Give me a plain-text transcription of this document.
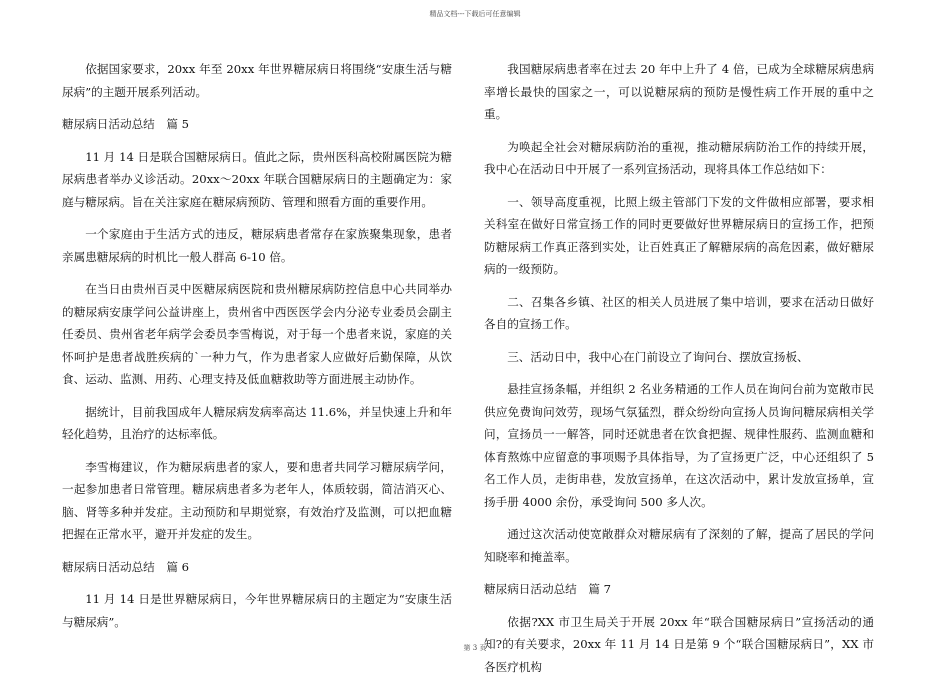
精品文档---下载后可任意编辑

依据国家要求，20xx 年至 20xx 年世界糖尿病日将围绕“安康生活与糖尿病”的主题开展系列活动。

糖尿病日活动总结　篇 5

11 月 14 日是联合国糖尿病日。值此之际，贵州医科高校附属医院为糖尿病患者举办义诊活动。20xx～20xx 年联合国糖尿病日的主题确定为：家庭与糖尿病。旨在关注家庭在糖尿病预防、管理和照看方面的重要作用。

一个家庭由于生活方式的违反，糖尿病患者常存在家族聚集现象，患者亲属患糖尿病的时机比一般人群高 6-10 倍。

在当日由贵州百灵中医糖尿病医院和贵州糖尿病防控信息中心共同举办的糖尿病安康学问公益讲座上，贵州省中西医医学会内分泌专业委员会副主任委员、贵州省老年病学会委员李雪梅说，对于每一个患者来说，家庭的关怀呵护是患者战胜疾病的`一种力气，作为患者家人应做好后勤保障，从饮食、运动、监测、用药、心理支持及低血糖救助等方面进展主动协作。

据统计，目前我国成年人糖尿病发病率高达 11.6%，并呈快速上升和年轻化趋势，且治疗的达标率低。

李雪梅建议，作为糖尿病患者的家人，要和患者共同学习糖尿病学问，一起参加患者日常管理。糖尿病患者多为老年人，体质较弱，简洁消灭心、脑、肾等多种并发症。主动预防和早期觉察，有效治疗及监测，可以把血糖把握在正常水平，避开并发症的发生。

糖尿病日活动总结　篇 6

11 月 14 日是世界糖尿病日，今年世界糖尿病日的主题定为“安康生活与糖尿病”。

我国糖尿病患者率在过去 20 年中上升了 4 倍，已成为全球糖尿病患病率增长最快的国家之一，可以说糖尿病的预防是慢性病工作开展的重中之重。

为唤起全社会对糖尿病防治的重视，推动糖尿病防治工作的持续开展，我中心在活动日中开展了一系列宣扬活动，现将具体工作总结如下：

一、领导高度重视，比照上级主管部门下发的文件做相应部署，要求相关科室在做好日常宣扬工作的同时更要做好世界糖尿病日的宣扬工作，把预防糖尿病工作真正落到实处，让百姓真正了解糖尿病的高危因素，做好糖尿病的一级预防。

二、召集各乡镇、社区的相关人员进展了集中培训，要求在活动日做好各自的宣扬工作。

三、活动日中，我中心在门前设立了询问台、摆放宣扬板、

悬挂宣扬条幅，并组织 2 名业务精通的工作人员在询问台前为宽敞市民供应免费询问效劳，现场气氛猛烈，群众纷纷向宣扬人员询问糖尿病相关学问，宣扬员一一解答，同时还就患者在饮食把握、规律性服药、监测血糖和体育熬炼中应留意的事项赐予具体指导，为了宣扬更广泛，中心还组织了 5 名工作人员，走街串巷，发放宣扬单，在这次活动中，累计发放宣扬单，宣扬手册 4000 余份，承受询问 500 多人次。

通过这次活动使宽敞群众对糖尿病有了深刻的了解，提高了居民的学问知晓率和掩盖率。

糖尿病日活动总结　篇 7

依据?XX 市卫生局关于开展 20xx 年“联合国糖尿病日”宣扬活动的通知?的有关要求，20xx 年 11 月 14 日是第 9 个“联合国糖尿病日”，XX 市各医疗机构

第 3 页
